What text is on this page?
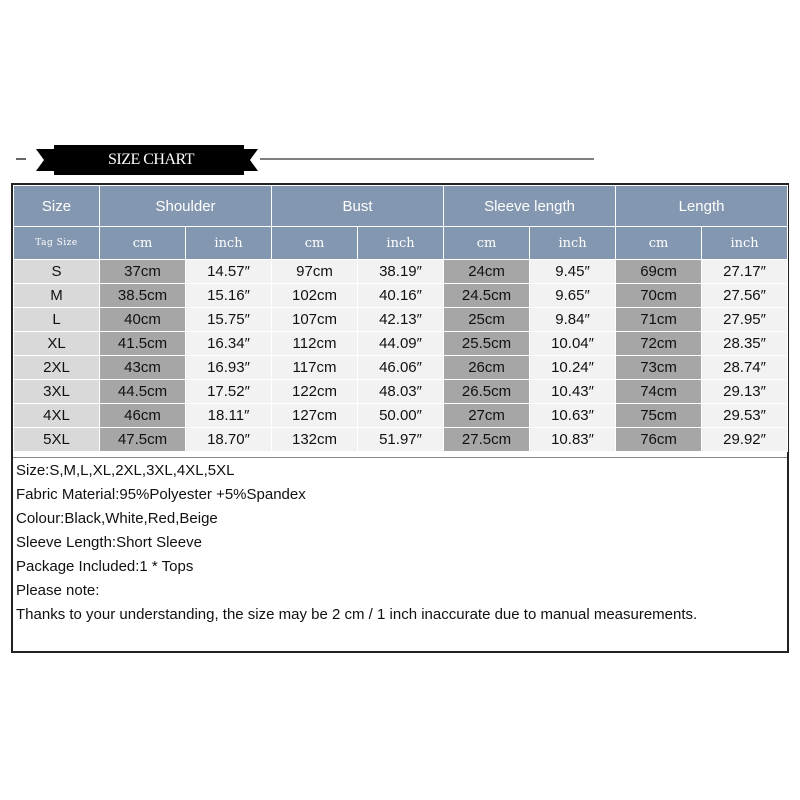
SIZE CHART
Size	Shoulder		Bust		Sleeve length		Length	
Tag Size	cm	inch	cm	inch	cm	inch	cm	inch
S	37cm	14.57″	97cm	38.19″	24cm	9.45″	69cm	27.17″
M	38.5cm	15.16″	102cm	40.16″	24.5cm	9.65″	70cm	27.56″
L	40cm	15.75″	107cm	42.13″	25cm	9.84″	71cm	27.95″
XL	41.5cm	16.34″	112cm	44.09″	25.5cm	10.04″	72cm	28.35″
2XL	43cm	16.93″	117cm	46.06″	26cm	10.24″	73cm	28.74″
3XL	44.5cm	17.52″	122cm	48.03″	26.5cm	10.43″	74cm	29.13″
4XL	46cm	18.11″	127cm	50.00″	27cm	10.63″	75cm	29.53″
5XL	47.5cm	18.70″	132cm	51.97″	27.5cm	10.83″	76cm	29.92″
Size:S,M,L,XL,2XL,3XL,4XL,5XL
Fabric Material:95%Polyester +5%Spandex
Colour:Black,White,Red,Beige
Sleeve Length:Short Sleeve
Package Included:1 * Tops
Please note:
Thanks to your understanding, the size may be 2 cm / 1 inch inaccurate due to manual measurements.
